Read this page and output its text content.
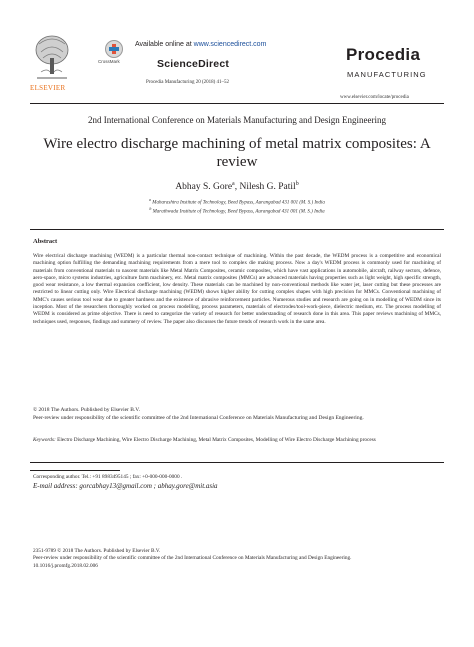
ELSEVIER
CrossMark
Available online at www.sciencedirect.com
ScienceDirect
Procedia Manufacturing 20 (2018) 41–52
Procedia
MANUFACTURING
www.elsevier.com/locate/procedia
2nd International Conference on Materials Manufacturing and Design Engineering
Wire electro discharge machining of metal matrix composites: A review
Abhay S. Gore$^a$, Nilesh G. Patil$^b$
$^a$ Maharashtra Institute of Technology, Beed Bypass, Aurangabad 431 001 (M. S.) India
$^b$ Marathwada Institute of Technology, Beed Bypass, Aurangabad 431 001 (M. S.) India
Abstract
Wire electrical discharge machining (WEDM) is a particular thermal non-contact technique of machining. Within the past decade, the WEDM process is a competitive and economical machining option fulfilling the demanding machining requirements from a mere tool to complex die making process. Now a day's WEDM process is commonly used for machining of materials from conventional materials to nascent materials like Metal Matrix Composites, ceramic composites, which have vast applications in automobile, aircraft, railway sectors, defence, aero-space, micro systems industries, agriculture farm machinery, etc. Metal matrix composites (MMCs) are advanced materials having properties such as light weight, high specific strength, good wear resistance, a low thermal expansion coefficient, low density. These materials can be machined by non-conventional methods like water jet, laser cutting but these processes are restricted to linear cutting only. Wire Electrical discharge machining (WEDM) shows higher ability for cutting complex shapes with high precision for MMCs. Conventional machining of MMC's causes serious tool wear due to greater hardness and the existence of abrasive reinforcement particles. Numerous studies and research are going on in modelling of WEDM since its inception. Most of the researchers thoroughly worked on process modelling, process parameters, materials of electrodes/tool-work-piece, dielectric medium, etc. The process modelling of WEDM is considered as prime objective. There is need to categorize the variety of research for better understanding of research done in this area. This paper reviews machining of MMCs, techniques used, responses, findings and summery of review. The paper also discusses the future trends of research work in the same area.
© 2018 The Authors. Published by Elsevier B.V.
Peer-review under responsibility of the scientific committee of the 2nd International Conference on Materials Manufacturing and Design Engineering.
Keywords: Electro Discharge Machining, Wire Electro Discharge Machining, Metal Matrix Composites, Modelling of Wire Electro Discharge Machining process
Corresponding author. Tel.: +91 8983495145 ; fax: +0-000-000-0000 .
E-mail address: gorcabhay13@gmail.com ; abhay.gore@mit.asia
2351-9789 © 2018 The Authors. Published by Elsevier B.V.
Peer-review under responsibility of the scientific committee of the 2nd International Conference on Materials Manufacturing and Design Engineering.
10.1016/j.promfg.2018.02.006
